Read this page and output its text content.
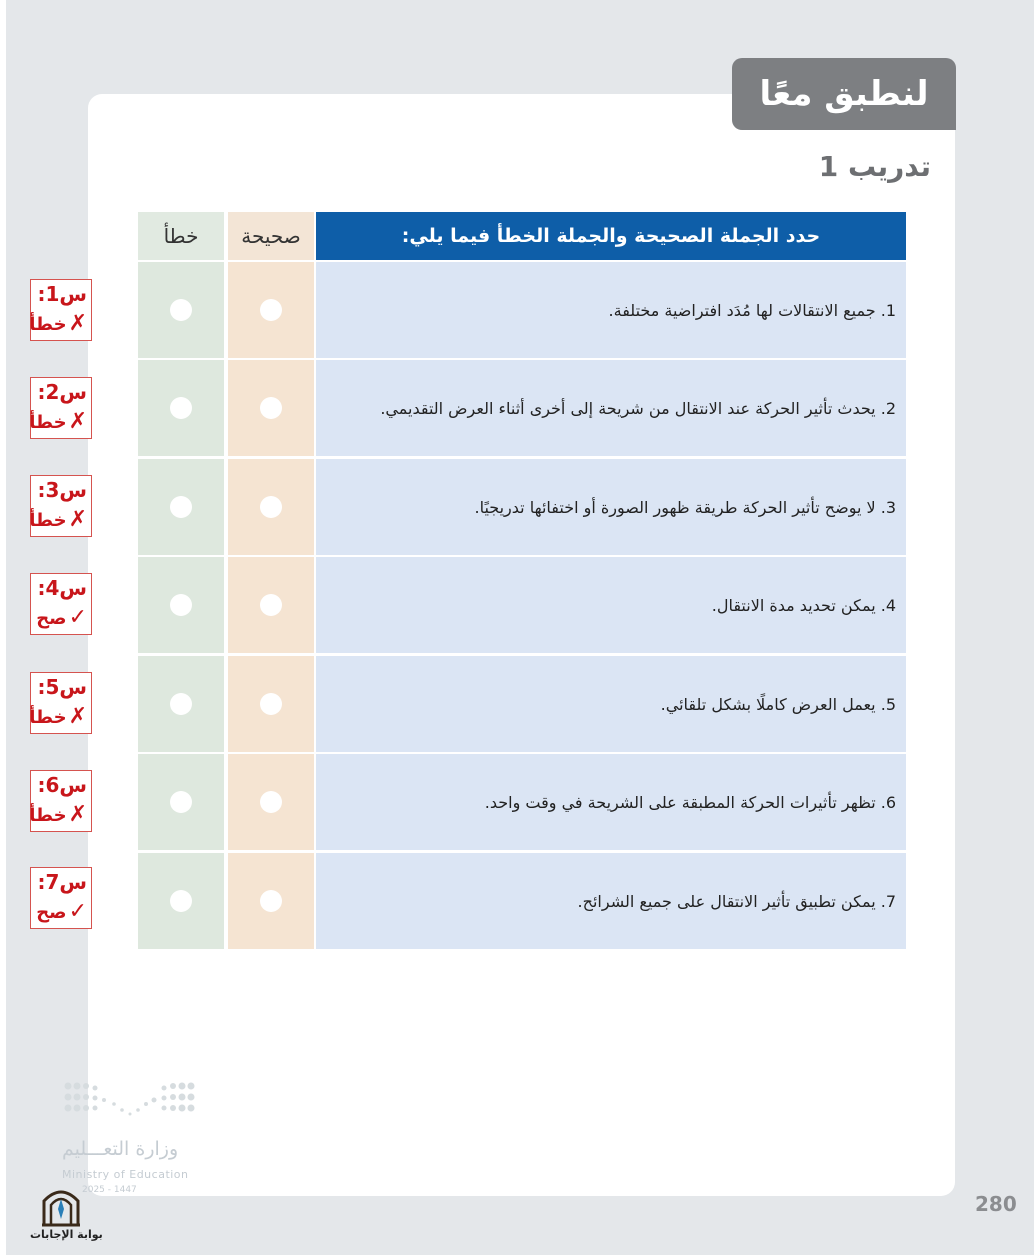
لنطبق معًا
تدريب 1
حدد الجملة الصحيحة والجملة الخطأ فيما يلي:
صحيحة
خطأ
1. جميع الانتقالات لها مُدَد افتراضية مختلفة.
2. يحدث تأثير الحركة عند الانتقال من شريحة إلى أخرى أثناء العرض التقديمي.
3. لا يوضح تأثير الحركة طريقة ظهور الصورة أو اختفائها تدريجيًا.
4. يمكن تحديد مدة الانتقال.
5. يعمل العرض كاملًا بشكل تلقائي.
6. تظهر تأثيرات الحركة المطبقة على الشريحة في وقت واحد.
7. يمكن تطبيق تأثير الانتقال على جميع الشرائح.
س1:
✗خطأ
س2:
✗خطأ
س3:
✗خطأ
س4:
✓صح
س5:
✗خطأ
س6:
✗خطأ
س7:
✓صح
وزارة التعـــليم
Ministry of Education
2025 - 1447
بوابة الإجابات
280
